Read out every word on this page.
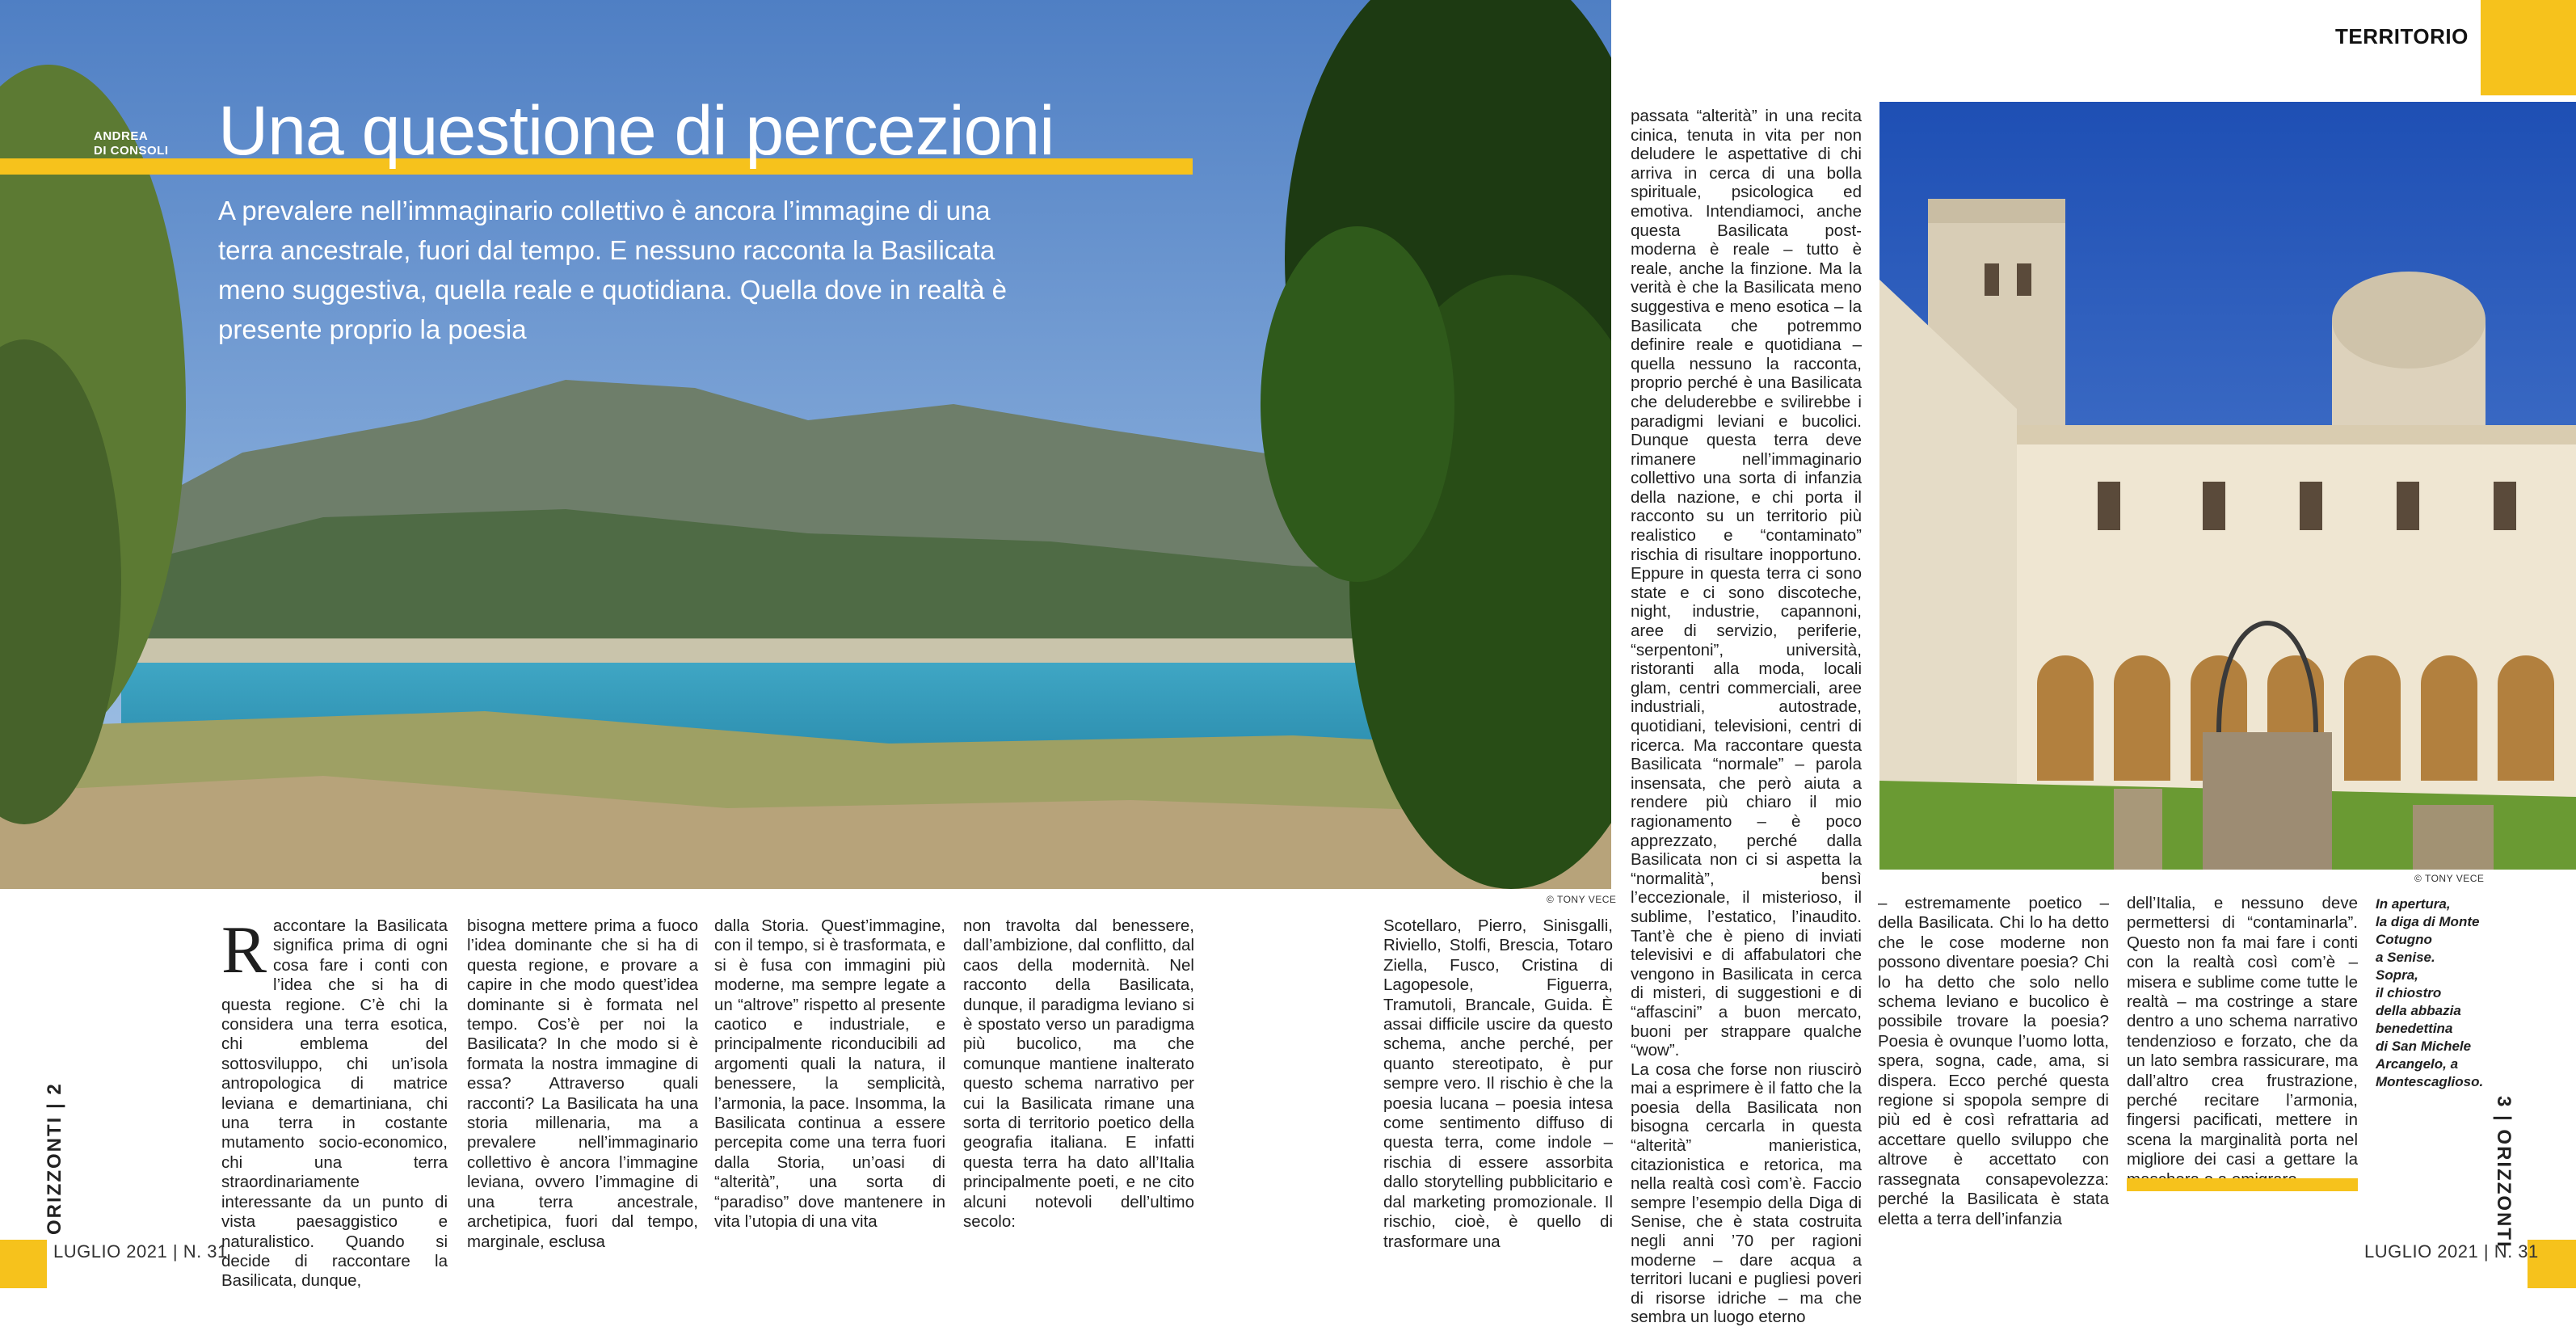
© TONY VECE
ANDREA
DI CONSOLI Una questione di percezioni
A prevalere nell’immaginario collettivo è ancora l’immagine di una terra ancestrale, fuori dal tempo. E nessuno racconta la Basilicata meno suggestiva, quella reale e quotidiana. Quella dove in realtà è presente proprio la poesia
Raccontare la Basilicata significa prima di ogni cosa fare i conti con l’idea che si ha di questa regione. C’è chi la considera una terra esotica, chi emblema del sottosviluppo, chi un’isola antropologica di matrice leviana e demartiniana, chi una terra in costante mutamento socio-economico, chi una terra straordinariamente interessante da un punto di vista paesaggistico e naturalistico. Quando si decide di raccontare la Basilicata, dunque,
bisogna mettere prima a fuoco l’idea dominante che si ha di questa regione, e provare a capire in che modo quest’idea dominante si è formata nel tempo. Cos’è per noi la Basilicata? In che modo si è formata la nostra immagine di essa? Attraverso quali racconti? La Basilicata ha una storia millenaria, ma a prevalere nell’immaginario collettivo è ancora l’immagine leviana, ovvero l’immagine di una terra ancestrale, archetipica, fuori dal tempo, marginale, esclusa
dalla Storia. Quest’immagine, con il tempo, si è trasformata, e si è fusa con immagini più moderne, ma sempre legate a un “altrove” rispetto al presente caotico e industriale, e principalmente riconducibili ad argomenti quali la natura, il benessere, la semplicità, l’armonia, la pace. Insomma, la Basilicata continua a essere percepita come una terra fuori dalla Storia, un’oasi di “alterità”, una sorta di “paradiso” dove mantenere in vita l’utopia di una vita
non travolta dal benessere, dall’ambizione, dal conflitto, dal caos della modernità. Nel racconto della Basilicata, dunque, il paradigma leviano si è spostato verso un paradigma più bucolico, ma che comunque mantiene inalterato questo schema narrativo per cui la Basilicata rimane una sorta di territorio poetico della geografia italiana. E infatti questa terra ha dato all’Italia principalmente poeti, e ne cito alcuni notevoli dell’ultimo secolo:
Scotellaro, Pierro, Sinisgalli, Riviello, Stolfi, Brescia, Totaro Ziella, Fusco, Cristina di Lagopesole, Figuerra, Tramutoli, Brancale, Guida. È assai difficile uscire da questo schema, anche perché, per quanto stereotipato, è pur sempre vero. Il rischio è che la poesia lucana – poesia intesa come sentimento diffuso di questa terra, come indole – rischia di essere assorbita dallo storytelling pubblicitario e dal marketing promozionale. Il rischio, cioè, è quello di trasformare una

passata “alterità” in una recita cinica, tenuta in vita per non deludere le aspettative di chi arriva in cerca di una bolla spirituale, psicologica ed emotiva. Intendiamoci, anche questa Basilicata post-moderna è reale – tutto è reale, anche la finzione. Ma la verità è che la Basilicata meno suggestiva e meno esotica – la Basilicata che potremmo definire reale e quotidiana – quella nessuno la racconta, proprio perché è una Basilicata che deluderebbe e svilirebbe i paradigmi leviani e bucolici. Dunque questa terra deve rimanere nell’immaginario collettivo una sorta di infanzia della nazione, e chi porta il racconto su un territorio più realistico e “contaminato” rischia di risultare inopportuno. Eppure in questa terra ci sono state e ci sono discoteche, night, industrie, capannoni, aree di servizio, periferie, “serpentoni”, università, ristoranti alla moda, locali glam, centri commerciali, aree industriali, autostrade, quotidiani, televisioni, centri di ricerca. Ma raccontare questa Basilicata “normale” – parola insensata, che però aiuta a rendere più chiaro il mio ragionamento – è poco apprezzato, perché dalla Basilicata non ci si aspetta la “normalità”, bensì l’eccezionale, il misterioso, il sublime, l’estatico, l’inaudito. Tant’è che è pieno di inviati televisivi e di affabulatori che vengono in Basilicata in cerca di misteri, di suggestioni e di “affascini” a buon mercato, buoni per strappare qualche “wow”.

La cosa che forse non riuscirò mai a esprimere è il fatto che la poesia della Basilicata non bisogna cercarla in questa “alterità” manieristica, citazionistica e retorica, ma nella realtà così com’è. Faccio sempre l’esempio della Diga di Senise, che è stata costruita negli anni ’70 per ragioni moderne – dare acqua a territori lucani e pugliesi poveri di risorse idriche – ma che sembra un luogo eterno

– estremamente poetico – della Basilicata. Chi lo ha detto che le cose moderne non possono diventare poesia? Chi lo ha detto che solo nello schema leviano e bucolico è possibile trovare la poesia? Poesia è ovunque l’uomo lotta, spera, sogna, cade, ama, si dispera. Ecco perché questa regione si spopola sempre di più ed è così refrattaria ad accettare quello sviluppo che altrove è accettato con rassegnata consapevolezza: perché la Basilicata è stata eletta a terra dell’infanzia
dell’Italia, e nessuno deve permettersi di “contaminarla”. Questo non fa mai fare i conti con la realtà così com’è – misera e sublime come tutte le realtà – ma costringe a stare dentro a uno schema narrativo tendenzioso e forzato, che da un lato sembra rassicurare, ma dall’altro crea frustrazione, perché recitare l’armonia, fingersi pacificati, mettere in scena la marginalità porta nel migliore dei casi a gettare la
© TONY VECE
In apertura,
la diga di Monte
Cotugno
a Senise.
Sopra,
il chiostro
della abbazia
benedettina
di San Michele
Arcangelo, a
Montescaglioso.
TERRITORIO
LUGLIO 2021 | N. 31	LUGLIO 2021 | N. 31
ORIZZONTI | 2	3 | ORIZZONTI
